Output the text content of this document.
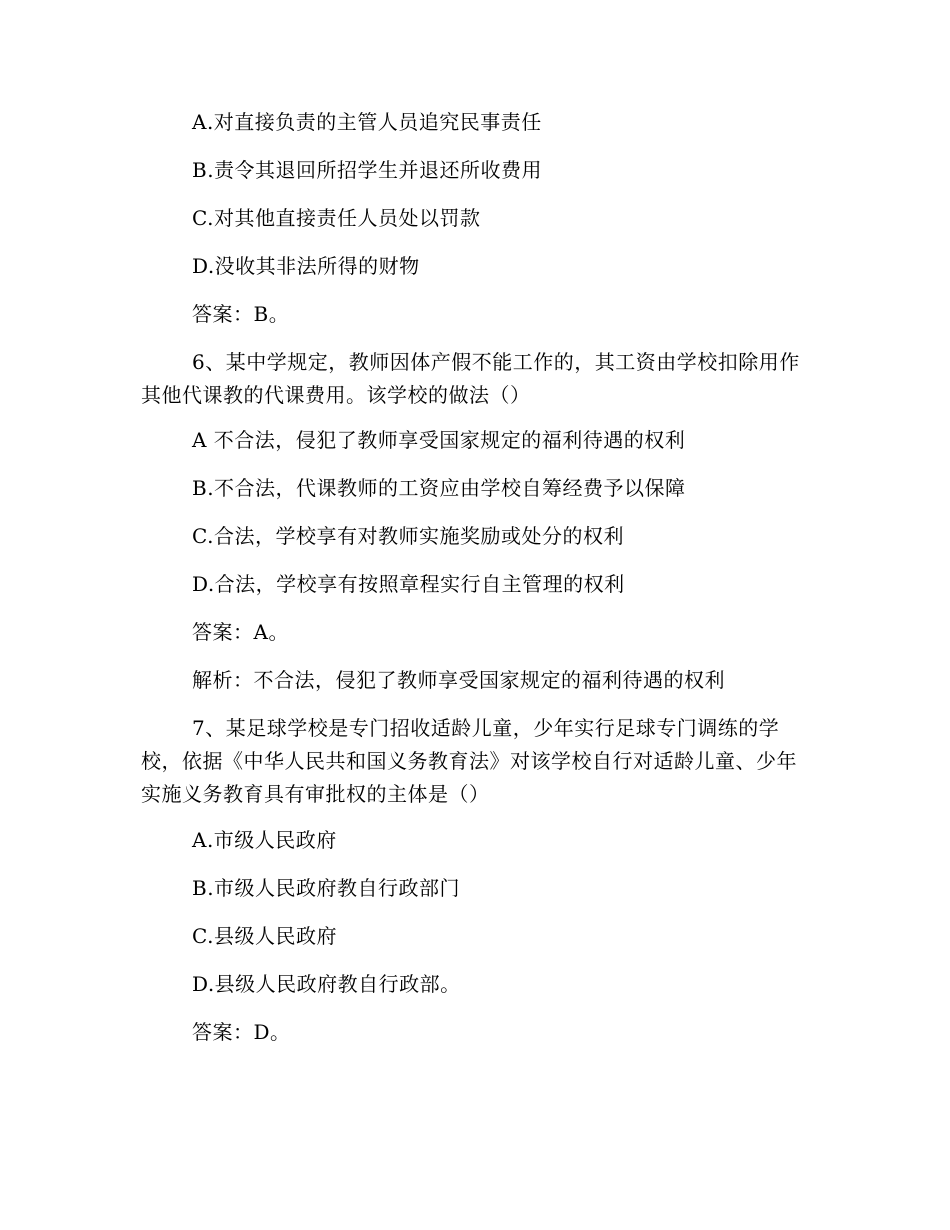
A.对直接负责的主管人员追究民事责任
B.责令其退回所招学生并退还所收费用
C.对其他直接责任人员处以罚款
D.没收其非法所得的财物
答案：B。
6、某中学规定，教师因体产假不能工作的，其工资由学校扣除用作其他代课教的代课费用。该学校的做法（）
A 不合法，侵犯了教师享受国家规定的福利待遇的权利
B.不合法，代课教师的工资应由学校自筹经费予以保障
C.合法，学校享有对教师实施奖励或处分的权利
D.合法，学校享有按照章程实行自主管理的权利
答案：A。
解析：不合法，侵犯了教师享受国家规定的福利待遇的权利
7、某足球学校是专门招收适龄儿童，少年实行足球专门调练的学校，依据《中华人民共和国义务教育法》对该学校自行对适龄儿童、少年实施义务教育具有审批权的主体是（）
A.市级人民政府
B.市级人民政府教自行政部门
C.县级人民政府
D.县级人民政府教自行政部。
答案：D。
